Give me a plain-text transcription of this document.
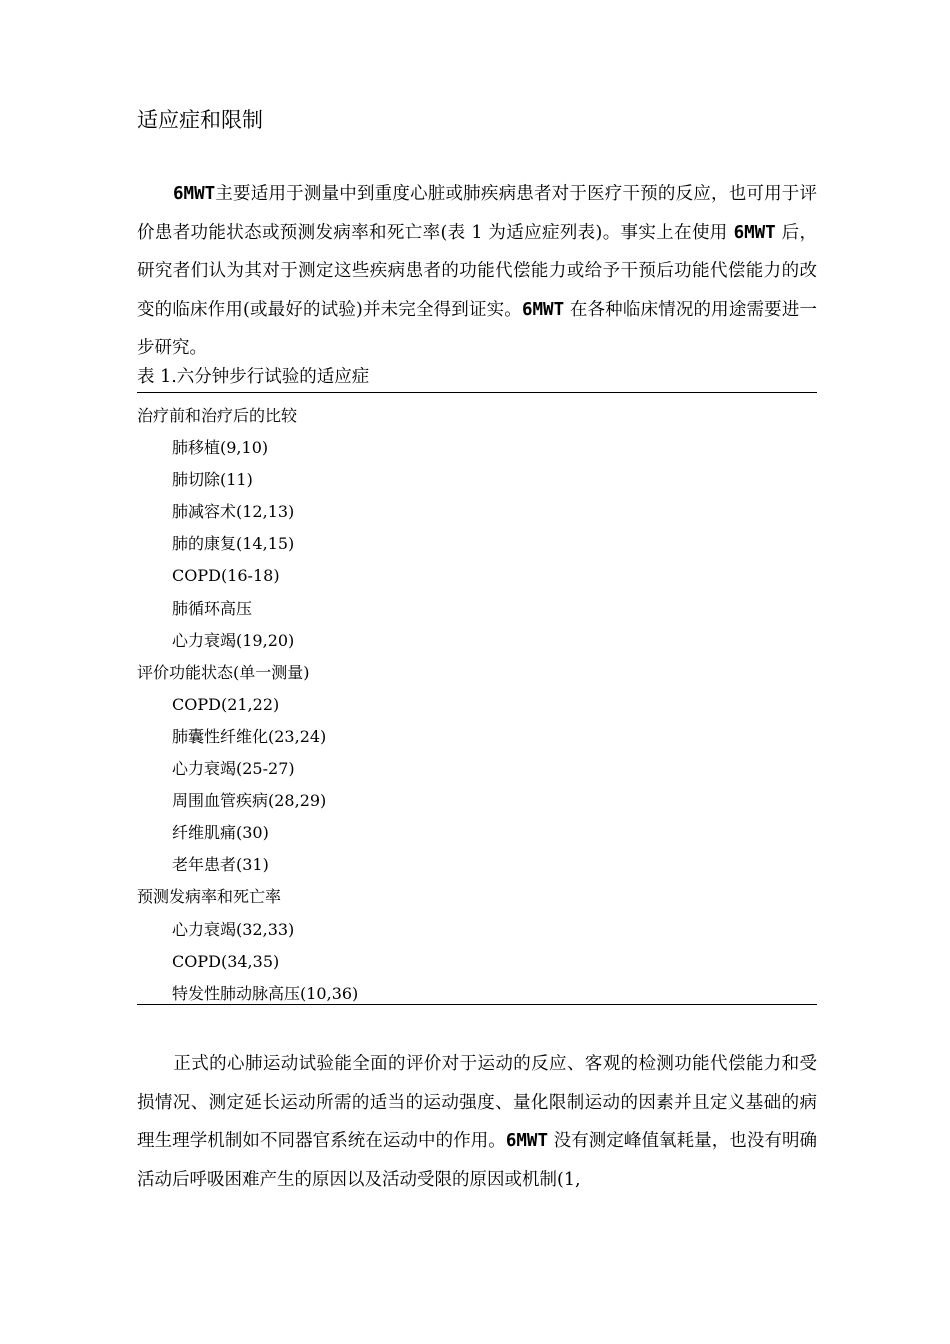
适应症和限制

6MWT主要适用于测量中到重度心脏或肺疾病患者对于医疗干预的反应，也可用于评价患者功能状态或预测发病率和死亡率(表 1 为适应症列表)。事实上在使用 6MWT 后，研究者们认为其对于测定这些疾病患者的功能代偿能力或给予干预后功能代偿能力的改变的临床作用(或最好的试验)并未完全得到证实。6MWT 在各种临床情况的用途需要进一步研究。

表 1.六分钟步行试验的适应症

治疗前和治疗后的比较
肺移植(9,10)
肺切除(11)
肺减容术(12,13)
肺的康复(14,15)
COPD(16-18)
肺循环高压
心力衰竭(19,20)
评价功能状态(单一测量)
COPD(21,22)
肺囊性纤维化(23,24)
心力衰竭(25-27)
周围血管疾病(28,29)
纤维肌痛(30)
老年患者(31)
预测发病率和死亡率
心力衰竭(32,33)
COPD(34,35)
特发性肺动脉高压(10,36)

正式的心肺运动试验能全面的评价对于运动的反应、客观的检测功能代偿能力和受损情况、测定延长运动所需的适当的运动强度、量化限制运动的因素并且定义基础的病理生理学机制如不同器官系统在运动中的作用。6MWT 没有测定峰值氧耗量，也没有明确活动后呼吸困难产生的原因以及活动受限的原因或机制(1,
